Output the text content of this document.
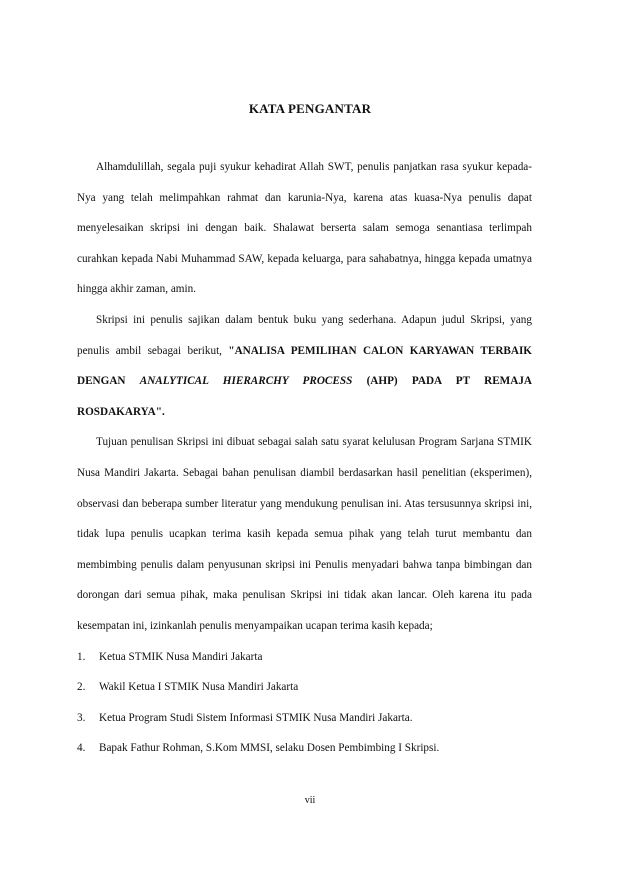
KATA PENGANTAR

Alhamdulillah, segala puji syukur kehadirat Allah SWT, penulis panjatkan rasa syukur kepada-Nya yang telah melimpahkan rahmat dan karunia-Nya, karena atas kuasa-Nya penulis dapat menyelesaikan skripsi ini dengan baik. Shalawat berserta salam semoga senantiasa terlimpah curahkan kepada Nabi Muhammad SAW, kepada keluarga, para sahabatnya, hingga kepada umatnya hingga akhir zaman, amin.

Skripsi ini penulis sajikan dalam bentuk buku yang sederhana. Adapun judul Skripsi, yang penulis ambil sebagai berikut, "ANALISA PEMILIHAN CALON KARYAWAN TERBAIK DENGAN ANALYTICAL HIERARCHY PROCESS (AHP) PADA PT REMAJA ROSDAKARYA".

Tujuan penulisan Skripsi ini dibuat sebagai salah satu syarat kelulusan Program Sarjana STMIK Nusa Mandiri Jakarta. Sebagai bahan penulisan diambil berdasarkan hasil penelitian (eksperimen), observasi dan beberapa sumber literatur yang mendukung penulisan ini. Atas tersusunnya skripsi ini, tidak lupa penulis ucapkan terima kasih kepada semua pihak yang telah turut membantu dan membimbing penulis dalam penyusunan skripsi ini Penulis menyadari bahwa tanpa bimbingan dan dorongan dari semua pihak, maka penulisan Skripsi ini tidak akan lancar. Oleh karena itu pada kesempatan ini, izinkanlah penulis menyampaikan ucapan terima kasih kepada;

1.	Ketua STMIK Nusa Mandiri Jakarta
2.	Wakil Ketua I STMIK Nusa Mandiri Jakarta
3.	Ketua Program Studi Sistem Informasi STMIK Nusa Mandiri Jakarta.
4.	Bapak Fathur Rohman, S.Kom MMSI, selaku Dosen Pembimbing I Skripsi.
vii
